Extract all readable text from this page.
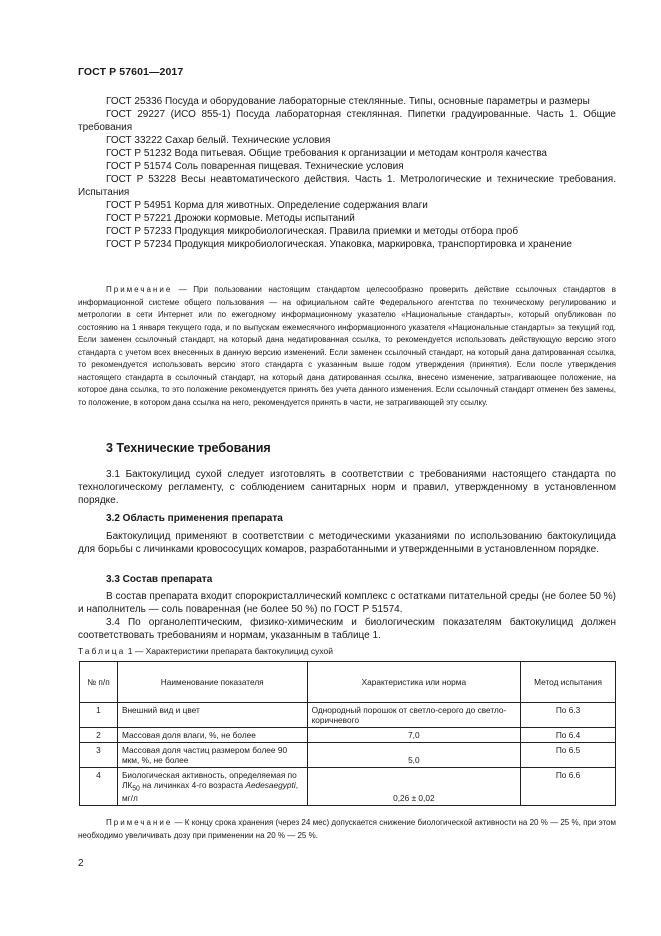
ГОСТ Р 57601—2017

ГОСТ 25336 Посуда и оборудование лабораторные стеклянные. Типы, основные параметры и размеры

ГОСТ 29227 (ИСО 855-1) Посуда лабораторная стеклянная. Пипетки градуированные. Часть 1. Общие требования

ГОСТ 33222 Сахар белый. Технические условия

ГОСТ Р 51232 Вода питьевая. Общие требования к организации и методам контроля качества

ГОСТ Р 51574 Соль поваренная пищевая. Технические условия

ГОСТ Р 53228 Весы неавтоматического действия. Часть 1. Метрологические и технические требования. Испытания

ГОСТ Р 54951 Корма для животных. Определение содержания влаги

ГОСТ Р 57221 Дрожжи кормовые. Методы испытаний

ГОСТ Р 57233 Продукция микробиологическая. Правила приемки и методы отбора проб

ГОСТ Р 57234 Продукция микробиологическая. Упаковка, маркировка, транспортировка и хранение

Примечание — При пользовании настоящим стандартом целесообразно проверить действие ссылочных стандартов в информационной системе общего пользования — на официальном сайте Федерального агентства по техническому регулированию и метрологии в сети Интернет или по ежегодному информационному указателю «Национальные стандарты», который опубликован по состоянию на 1 января текущего года, и по выпускам ежемесячного информационного указателя «Национальные стандарты» за текущий год. Если заменен ссылочный стандарт, на который дана недатированная ссылка, то рекомендуется использовать действующую версию этого стандарта с учетом всех внесенных в данную версию изменений. Если заменен ссылочный стандарт, на который дана датированная ссылка, то рекомендуется использовать версию этого стандарта с указанным выше годом утверждения (принятия). Если после утверждения настоящего стандарта в ссылочный стандарт, на который дана датированная ссылка, внесено изменение, затрагивающее положение, на которое дана ссылка, то это положение рекомендуется принять без учета данного изменения. Если ссылочный стандарт отменен без замены, то положение, в котором дана ссылка на него, рекомендуется принять в части, не затрагивающей эту ссылку.

3 Технические требования

3.1 Бактокулицид сухой следует изготовлять в соответствии с требованиями настоящего стандарта по технологическому регламенту, с соблюдением санитарных норм и правил, утвержденному в установленном порядке.

3.2 Область применения препарата

Бактокулицид применяют в соответствии с методическими указаниями по использованию бактокулицида для борьбы с личинками кровососущих комаров, разработанными и утвержденными в установленном порядке.

3.3 Состав препарата

В состав препарата входит спорокристаллический комплекс с остатками питательной среды (не более 50 %) и наполнитель — соль поваренная (не более 50 %) по ГОСТ Р 51574.

3.4 По органолептическим, физико-химическим и биологическим показателям бактокулицид должен соответствовать требованиям и нормам, указанным в таблице 1.

Таблица 1 — Характеристики препарата бактокулицид сухой
№ п/п	Наименование показателя	Характеристика или норма	Метод испытания
1	Внешний вид и цвет	Однородный порошок от светло-серого до светло-коричневого	По 6.3
2	Массовая доля влаги, %, не более	7,0	По 6.4
3	Массовая доля частиц размером более 90 мкм, %, не более	5,0	По 6.5
4	Биологическая активность, определяемая по $ЛК_{50}$ на личинках 4-го возраста Aedesaegypti, мг/л	0,26 ± 0,02	По 6.6

Примечание — К концу срока хранения (через 24 мес) допускается снижение биологической активности на 20 % — 25 %, при этом необходимо увеличивать дозу при применении на 20 % — 25 %.

2
